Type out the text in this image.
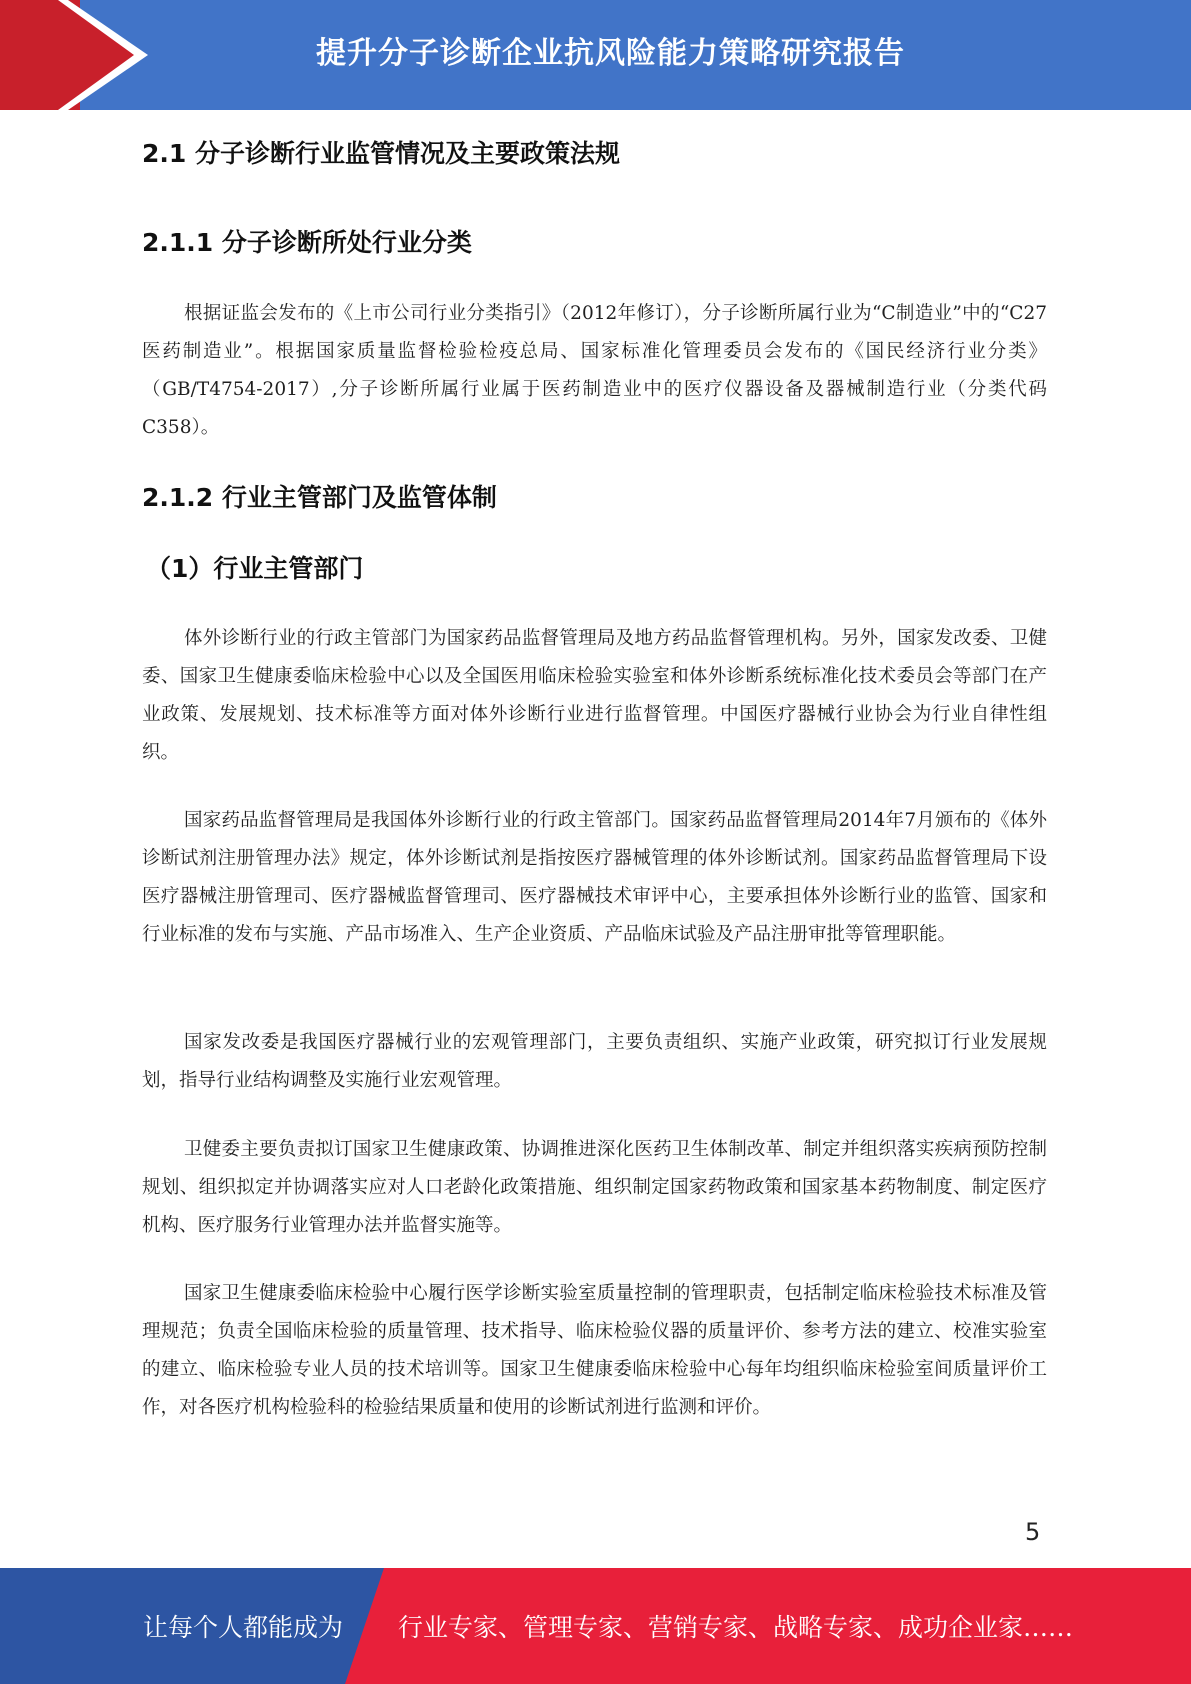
提升分子诊断企业抗风险能力策略研究报告
2.1 分子诊断行业监管情况及主要政策法规
2.1.1 分子诊断所处行业分类

根据证监会发布的《上市公司行业分类指引》（2012年修订），分子诊断所属行业为“C制造业”中的“C27医药制造业”。根据国家质量监督检验检疫总局、国家标准化管理委员会发布的《国民经济行业分类》（GB/T4754-2017）,分子诊断所属行业属于医药制造业中的医疗仪器设备及器械制造行业（分类代码C358）。

2.1.2 行业主管部门及监管体制
（1）行业主管部门

体外诊断行业的行政主管部门为国家药品监督管理局及地方药品监督管理机构。另外，国家发改委、卫健委、国家卫生健康委临床检验中心以及全国医用临床检验实验室和体外诊断系统标准化技术委员会等部门在产业政策、发展规划、技术标准等方面对体外诊断行业进行监督管理。中国医疗器械行业协会为行业自律性组织。

国家药品监督管理局是我国体外诊断行业的行政主管部门。国家药品监督管理局2014年7月颁布的《体外诊断试剂注册管理办法》规定，体外诊断试剂是指按医疗器械管理的体外诊断试剂。国家药品监督管理局下设医疗器械注册管理司、医疗器械监督管理司、医疗器械技术审评中心，主要承担体外诊断行业的监管、国家和行业标准的发布与实施、产品市场准入、生产企业资质、产品临床试验及产品注册审批等管理职能。

国家发改委是我国医疗器械行业的宏观管理部门，主要负责组织、实施产业政策，研究拟订行业发展规划，指导行业结构调整及实施行业宏观管理。

卫健委主要负责拟订国家卫生健康政策、协调推进深化医药卫生体制改革、制定并组织落实疾病预防控制规划、组织拟定并协调落实应对人口老龄化政策措施、组织制定国家药物政策和国家基本药物制度、制定医疗机构、医疗服务行业管理办法并监督实施等。

国家卫生健康委临床检验中心履行医学诊断实验室质量控制的管理职责，包括制定临床检验技术标准及管理规范；负责全国临床检验的质量管理、技术指导、临床检验仪器的质量评价、参考方法的建立、校准实验室的建立、临床检验专业人员的技术培训等。国家卫生健康委临床检验中心每年均组织临床检验室间质量评价工作，对各医疗机构检验科的检验结果质量和使用的诊断试剂进行监测和评价。

5
让每个人都能成为 行业专家、管理专家、营销专家、战略专家、成功企业家……
